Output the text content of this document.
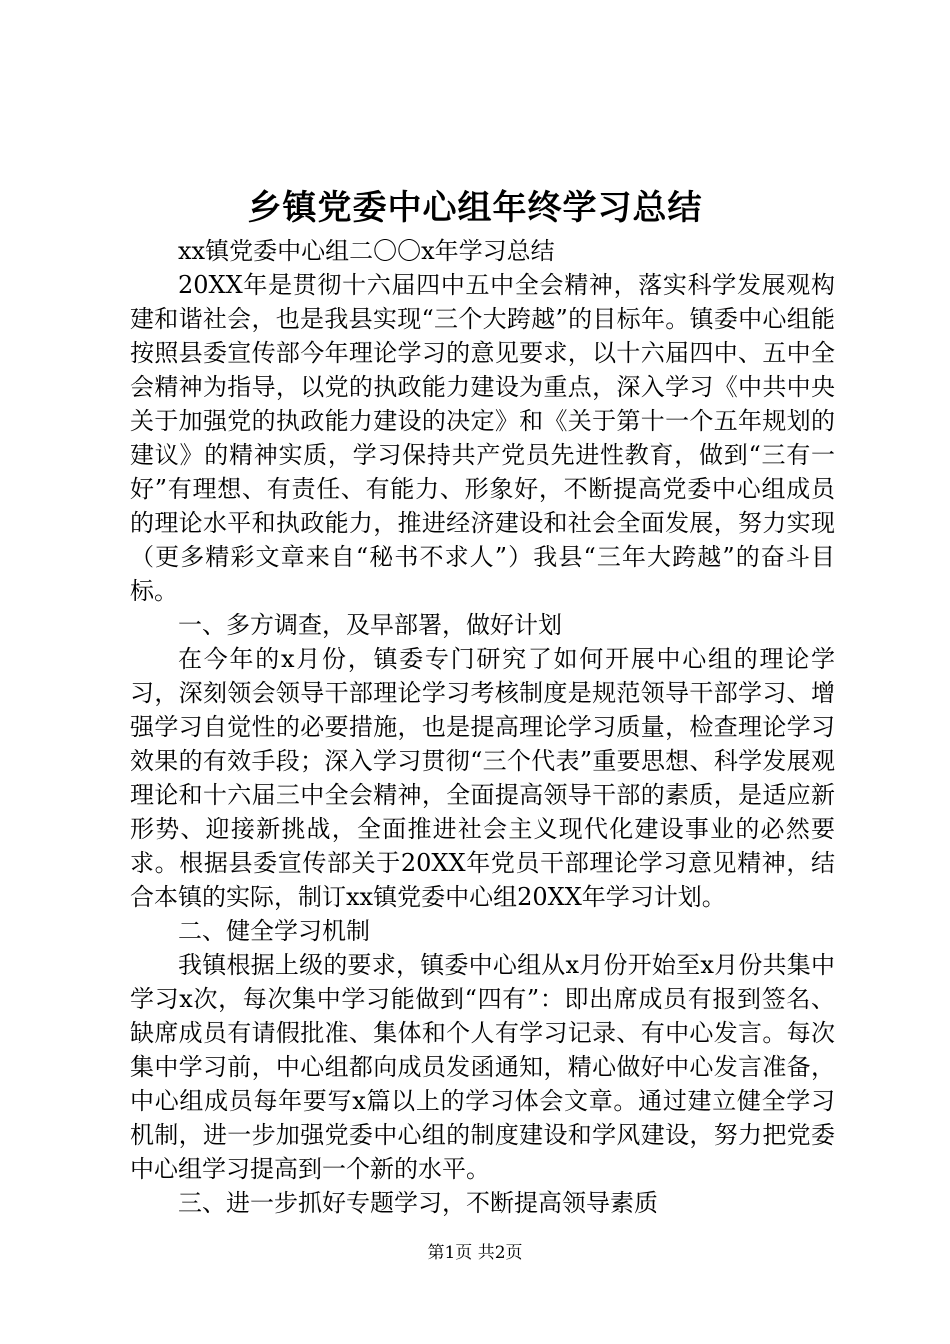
乡镇党委中心组年终学习总结

xx镇党委中心组二〇〇x年学习总结

20XX年是贯彻十六届四中五中全会精神，落实科学发展观构建和谐社会，也是我县实现“三个大跨越”的目标年。镇委中心组能按照县委宣传部今年理论学习的意见要求，以十六届四中、五中全会精神为指导，以党的执政能力建设为重点，深入学习《中共中央关于加强党的执政能力建设的决定》和《关于第十一个五年规划的建议》的精神实质，学习保持共产党员先进性教育，做到“三有一好”有理想、有责任、有能力、形象好，不断提高党委中心组成员的理论水平和执政能力，推进经济建设和社会全面发展，努力实现（更多精彩文章来自“秘书不求人”）我县“三年大跨越”的奋斗目标。

一、多方调查，及早部署，做好计划

在今年的x月份，镇委专门研究了如何开展中心组的理论学习，深刻领会领导干部理论学习考核制度是规范领导干部学习、增强学习自觉性的必要措施，也是提高理论学习质量，检查理论学习效果的有效手段；深入学习贯彻“三个代表”重要思想、科学发展观理论和十六届三中全会精神，全面提高领导干部的素质，是适应新形势、迎接新挑战，全面推进社会主义现代化建设事业的必然要求。根据县委宣传部关于20XX年党员干部理论学习意见精神，结合本镇的实际，制订xx镇党委中心组20XX年学习计划。

二、健全学习机制

我镇根据上级的要求，镇委中心组从x月份开始至x月份共集中学习x次，每次集中学习能做到“四有”：即出席成员有报到签名、缺席成员有请假批准、集体和个人有学习记录、有中心发言。每次集中学习前，中心组都向成员发函通知，精心做好中心发言准备，中心组成员每年要写x篇以上的学习体会文章。通过建立健全学习机制，进一步加强党委中心组的制度建设和学风建设，努力把党委中心组学习提高到一个新的水平。

三、进一步抓好专题学习，不断提高领导素质

第1页 共2页
